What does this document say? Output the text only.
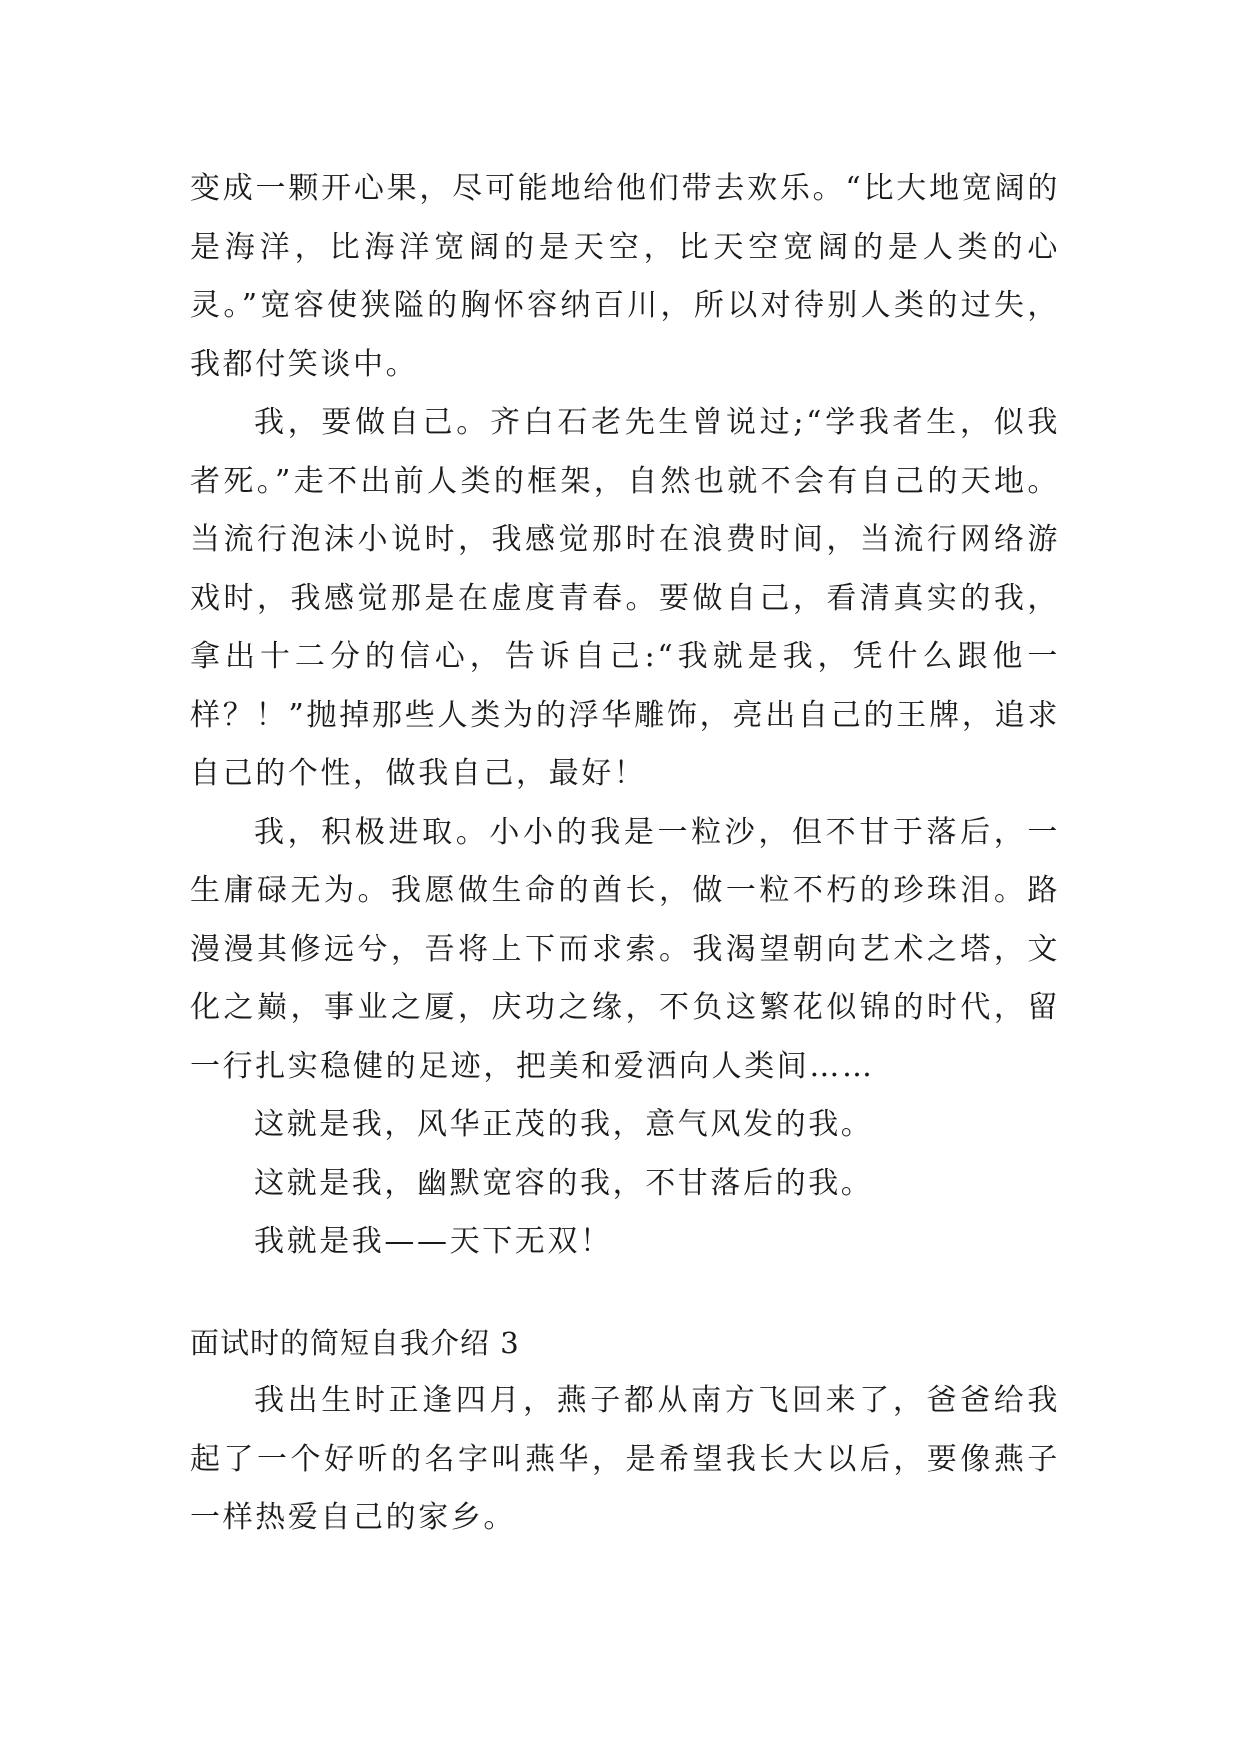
变成一颗开心果，尽可能地给他们带去欢乐。“比大地宽阔的是海洋，比海洋宽阔的是天空，比天空宽阔的是人类的心灵。”宽容使狭隘的胸怀容纳百川，所以对待别人类的过失，我都付笑谈中。

我，要做自己。齐白石老先生曾说过;“学我者生，似我者死。”走不出前人类的框架，自然也就不会有自己的天地。当流行泡沫小说时，我感觉那时在浪费时间，当流行网络游戏时，我感觉那是在虚度青春。要做自己，看清真实的我，拿出十二分的信心，告诉自己:“我就是我，凭什么跟他一样？！”抛掉那些人类为的浮华雕饰，亮出自己的王牌，追求自己的个性，做我自己，最好！

我，积极进取。小小的我是一粒沙，但不甘于落后，一生庸碌无为。我愿做生命的酋长，做一粒不朽的珍珠泪。路漫漫其修远兮，吾将上下而求索。我渴望朝向艺术之塔，文化之巅，事业之厦，庆功之缘，不负这繁花似锦的时代，留一行扎实稳健的足迹，把美和爱洒向人类间……

这就是我，风华正茂的我，意气风发的我。

这就是我，幽默宽容的我，不甘落后的我。

我就是我——天下无双！

面试时的简短自我介绍 3

我出生时正逢四月，燕子都从南方飞回来了，爸爸给我起了一个好听的名字叫燕华，是希望我长大以后，要像燕子一样热爱自己的家乡。
